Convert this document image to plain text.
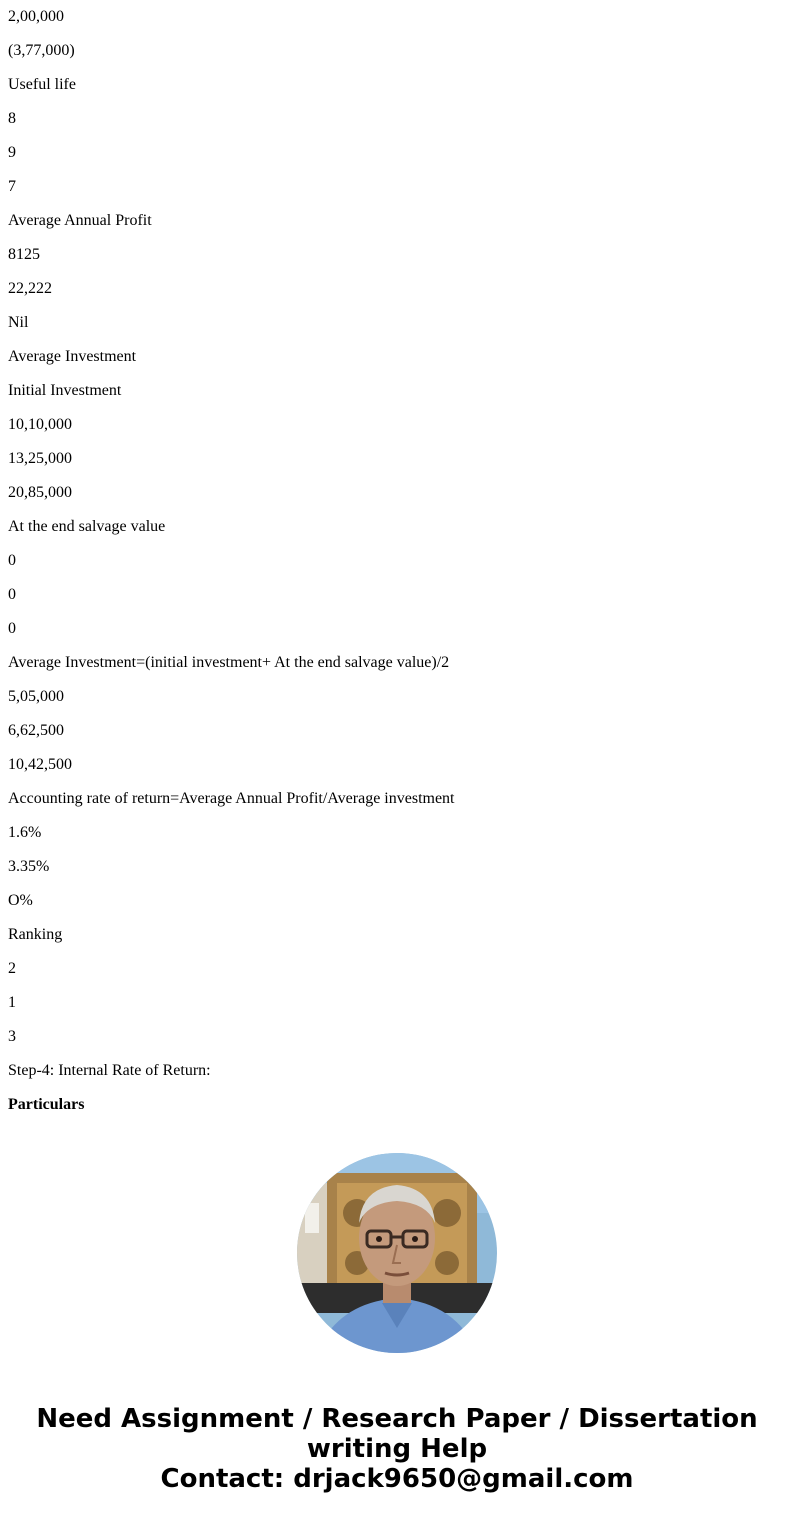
2,00,000
(3,77,000)
Useful life
8
9
7
Average Annual Profit
8125
22,222
Nil
Average Investment
Initial Investment
10,10,000
13,25,000
20,85,000
At the end salvage value
0
0
0
Average Investment=(initial investment+ At the end salvage value)/2
5,05,000
6,62,500
10,42,500
Accounting rate of return=Average Annual Profit/Average investment
1.6%
3.35%
O%
Ranking
2
1
3
Step-4: Internal Rate of Return:
Particulars
Need Assignment / Research Paper / Dissertation
writing Help
Contact: drjack9650@gmail.com
